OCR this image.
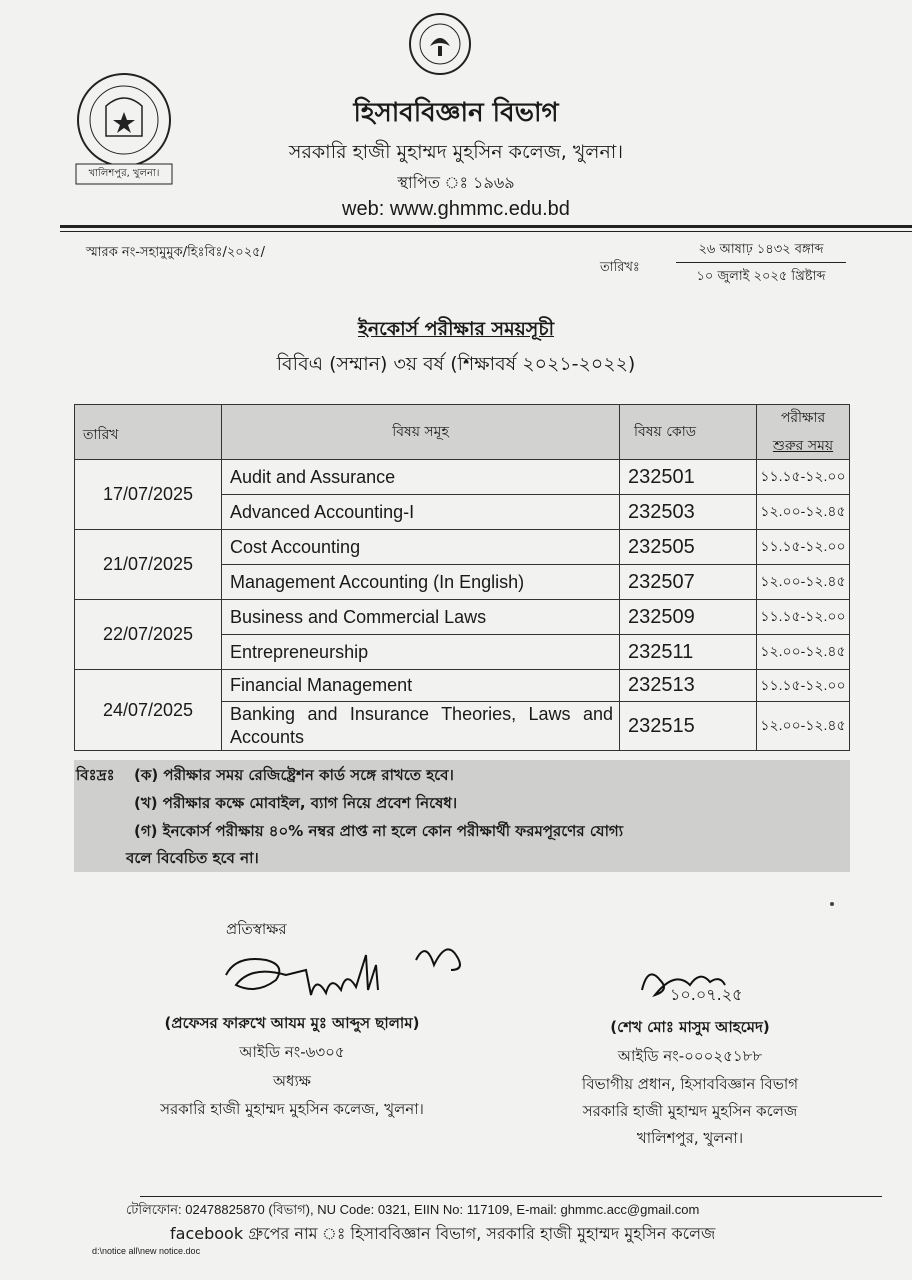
খালিশপুর, খুলনা।
হিসাববিজ্ঞান বিভাগ
সরকারি হাজী মুহাম্মদ মুহসিন কলেজ, খুলনা।
স্থাপিত ঃ ১৯৬৯
web: www.ghmmc.edu.bd
স্মারক নং-সহামুমুক/হিঃবিঃ/২০২৫/
তারিখঃ
২৬ আষাঢ় ১৪৩২ বঙ্গাব্দ
১০ জুলাই ২০২৫ খ্রিষ্টাব্দ
ইনকোর্স পরীক্ষার সময়সূচী
বিবিএ (সম্মান) ৩য় বর্ষ (শিক্ষাবর্ষ ২০২১-২০২২)
তারিখ	বিষয় সমূহ	বিষয় কোড	পরীক্ষার
শুরুর সময়

17/07/2025	Audit and Assurance	232501	১১.১৫-১২.০০
	Advanced Accounting-I	232503	১২.০০-১২.৪৫
21/07/2025	Cost Accounting	232505	১১.১৫-১২.০০
	Management Accounting (In English)	232507	১২.০০-১২.৪৫
22/07/2025	Business and Commercial Laws	232509	১১.১৫-১২.০০
	Entrepreneurship	232511	১২.০০-১২.৪৫
24/07/2025	Financial Management	232513	১১.১৫-১২.০০
	Banking and Insurance Theories, Laws and Accounts	232515	১২.০০-১২.৪৫
বিঃদ্রঃ (ক) পরীক্ষার সময় রেজিষ্ট্রেশন কার্ড সঙ্গে রাখতে হবে।
(খ) পরীক্ষার কক্ষে মোবাইল, ব্যাগ নিয়ে প্রবেশ নিষেধ।
(গ) ইনকোর্স পরীক্ষায় ৪০% নম্বর প্রাপ্ত না হলে কোন পরীক্ষার্থী ফরমপূরণের যোগ্য
বলে বিবেচিত হবে না।
প্রতিস্বাক্ষর
১০.০৭.২৫
(প্রফেসর ফারুখে আযম মুঃ আব্দুস ছালাম)
আইডি নং-৬৩০৫
অধ্যক্ষ
সরকারি হাজী মুহাম্মদ মুহসিন কলেজ, খুলনা।
(শেখ মোঃ মাসুম আহমেদ)
আইডি নং-০০০২৫১৮৮
বিভাগীয় প্রধান, হিসাববিজ্ঞান বিভাগ
সরকারি হাজী মুহাম্মদ মুহসিন কলেজ
খালিশপুর, খুলনা।
টেলিফোন: 02478825870 (বিভাগ), NU Code: 0321, EIIN No: 117109, E-mail: ghmmc.acc@gmail.com
facebook গ্রুপের নাম ঃ হিসাববিজ্ঞান বিভাগ, সরকারি হাজী মুহাম্মদ মুহসিন কলেজ
d:\notice all\new notice.doc
